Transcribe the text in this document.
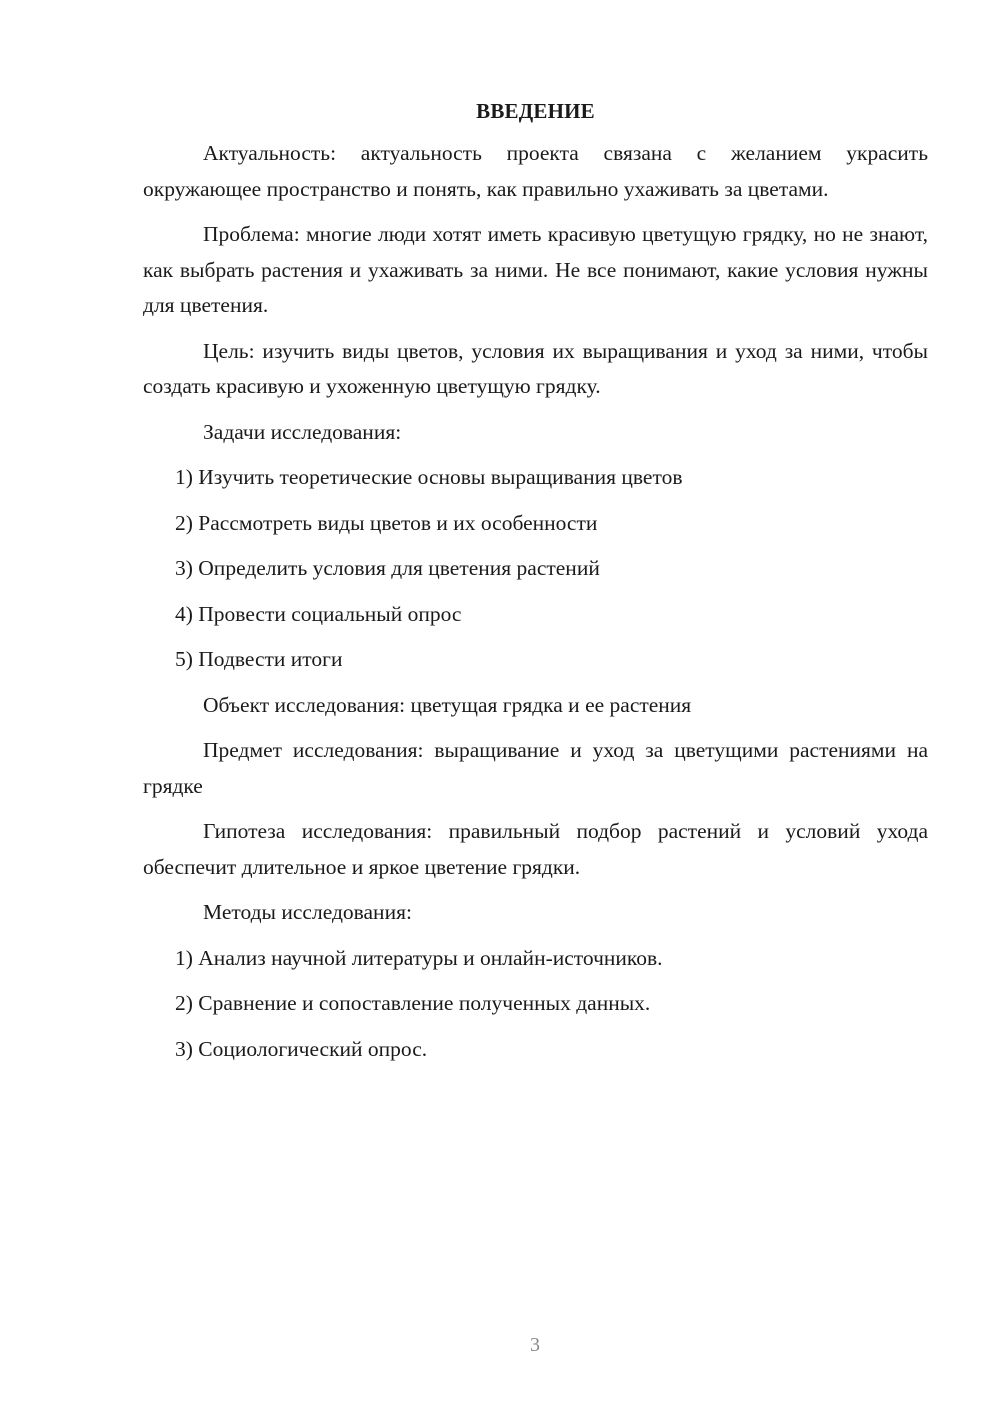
ВВЕДЕНИЕ

Актуальность: актуальность проекта связана с желанием украсить окружающее пространство и понять, как правильно ухаживать за цветами.

Проблема: многие люди хотят иметь красивую цветущую грядку, но не знают, как выбрать растения и ухаживать за ними. Не все понимают, какие условия нужны для цветения.

Цель: изучить виды цветов, условия их выращивания и уход за ними, чтобы создать красивую и ухоженную цветущую грядку.

Задачи исследования:
1) Изучить теоретические основы выращивания цветов
2) Рассмотреть виды цветов и их особенности
3) Определить условия для цветения растений
4) Провести социальный опрос
5) Подвести итоги

Объект исследования: цветущая грядка и ее растения

Предмет исследования: выращивание и уход за цветущими растениями на грядке

Гипотеза исследования: правильный подбор растений и условий ухода обеспечит длительное и яркое цветение грядки.

Методы исследования:
1) Анализ научной литературы и онлайн-источников.
2) Сравнение и сопоставление полученных данных.
3) Социологический опрос.
3
